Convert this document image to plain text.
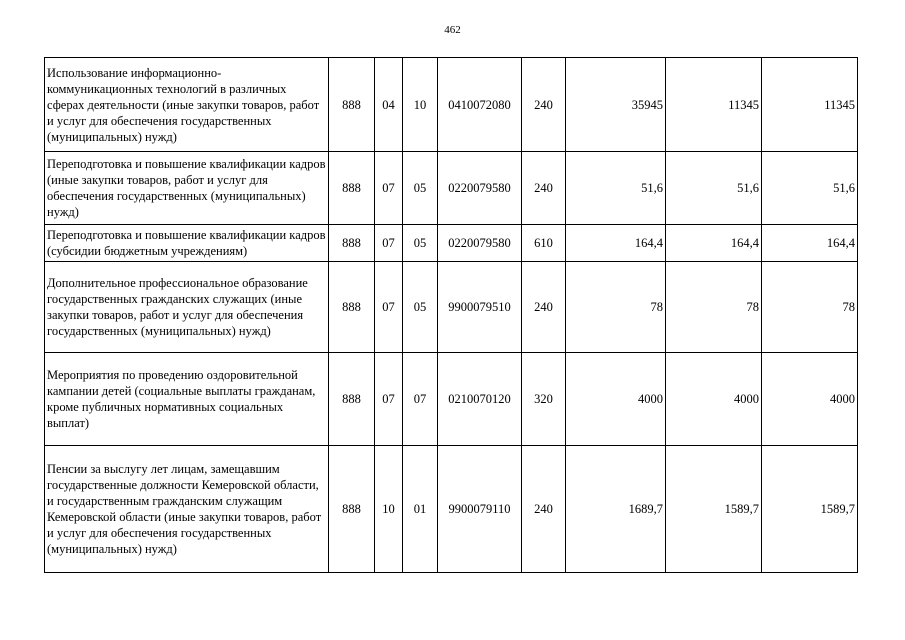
462
Использование информационно-коммуникационных технологий в различных сферах деятельности (иные закупки товаров, работ и услуг для обеспечения государственных (муниципальных) нужд)	888	04	10	0410072080	240	35945	11345	11345
Переподготовка и повышение квалификации кадров (иные закупки товаров, работ и услуг для обеспечения государственных (муниципальных) нужд)	888	07	05	0220079580	240	51,6	51,6	51,6
Переподготовка и повышение квалификации кадров (субсидии бюджетным учреждениям)	888	07	05	0220079580	610	164,4	164,4	164,4
Дополнительное профессиональное образование государственных гражданских служащих (иные закупки товаров, работ и услуг для обеспечения государственных (муниципальных) нужд)	888	07	05	9900079510	240	78	78	78
Мероприятия по проведению оздоровительной кампании детей (социальные выплаты гражданам, кроме публичных нормативных социальных выплат)	888	07	07	0210070120	320	4000	4000	4000
Пенсии за выслугу лет лицам, замещавшим государственные должности Кемеровской области, и государственным гражданским служащим Кемеровской области (иные закупки товаров, работ и услуг для обеспечения государственных (муниципальных) нужд)	888	10	01	9900079110	240	1689,7	1589,7	1589,7
